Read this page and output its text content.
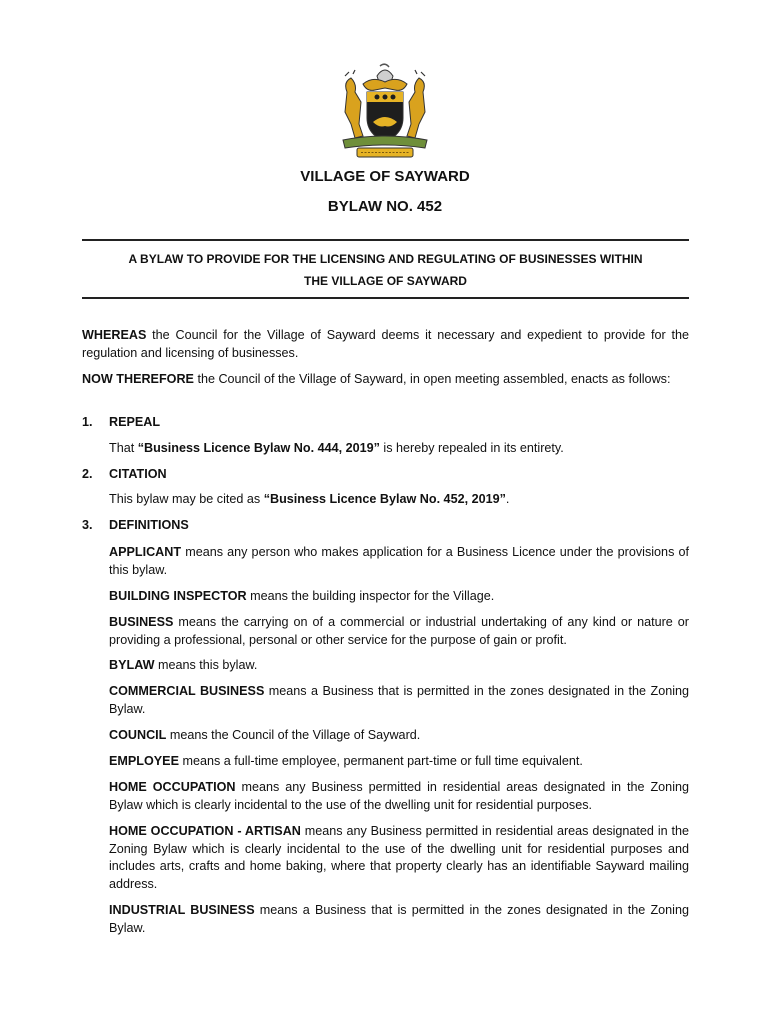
VILLAGE OF SAYWARD
BYLAW NO. 452
A BYLAW TO PROVIDE FOR THE LICENSING AND REGULATING OF BUSINESSES WITHIN
THE VILLAGE OF SAYWARD
WHEREAS the Council for the Village of Sayward deems it necessary and expedient to provide for the regulation and licensing of businesses.
NOW THEREFORE the Council of the Village of Sayward, in open meeting assembled, enacts as follows:
1. REPEAL
That “Business Licence Bylaw No. 444, 2019” is hereby repealed in its entirety.
2. CITATION
This bylaw may be cited as “Business Licence Bylaw No. 452, 2019”.
3. DEFINITIONS
APPLICANT means any person who makes application for a Business Licence under the provisions of this bylaw.
BUILDING INSPECTOR means the building inspector for the Village.
BUSINESS means the carrying on of a commercial or industrial undertaking of any kind or nature or providing a professional, personal or other service for the purpose of gain or profit.
BYLAW means this bylaw.
COMMERCIAL BUSINESS means a Business that is permitted in the zones designated in the Zoning Bylaw.
COUNCIL means the Council of the Village of Sayward.
EMPLOYEE means a full-time employee, permanent part-time or full time equivalent.
HOME OCCUPATION means any Business permitted in residential areas designated in the Zoning Bylaw which is clearly incidental to the use of the dwelling unit for residential purposes.
HOME OCCUPATION - ARTISAN means any Business permitted in residential areas designated in the Zoning Bylaw which is clearly incidental to the use of the dwelling unit for residential purposes and includes arts, crafts and home baking, where that property clearly has an identifiable Sayward mailing address.
INDUSTRIAL BUSINESS means a Business that is permitted in the zones designated in the Zoning Bylaw.
